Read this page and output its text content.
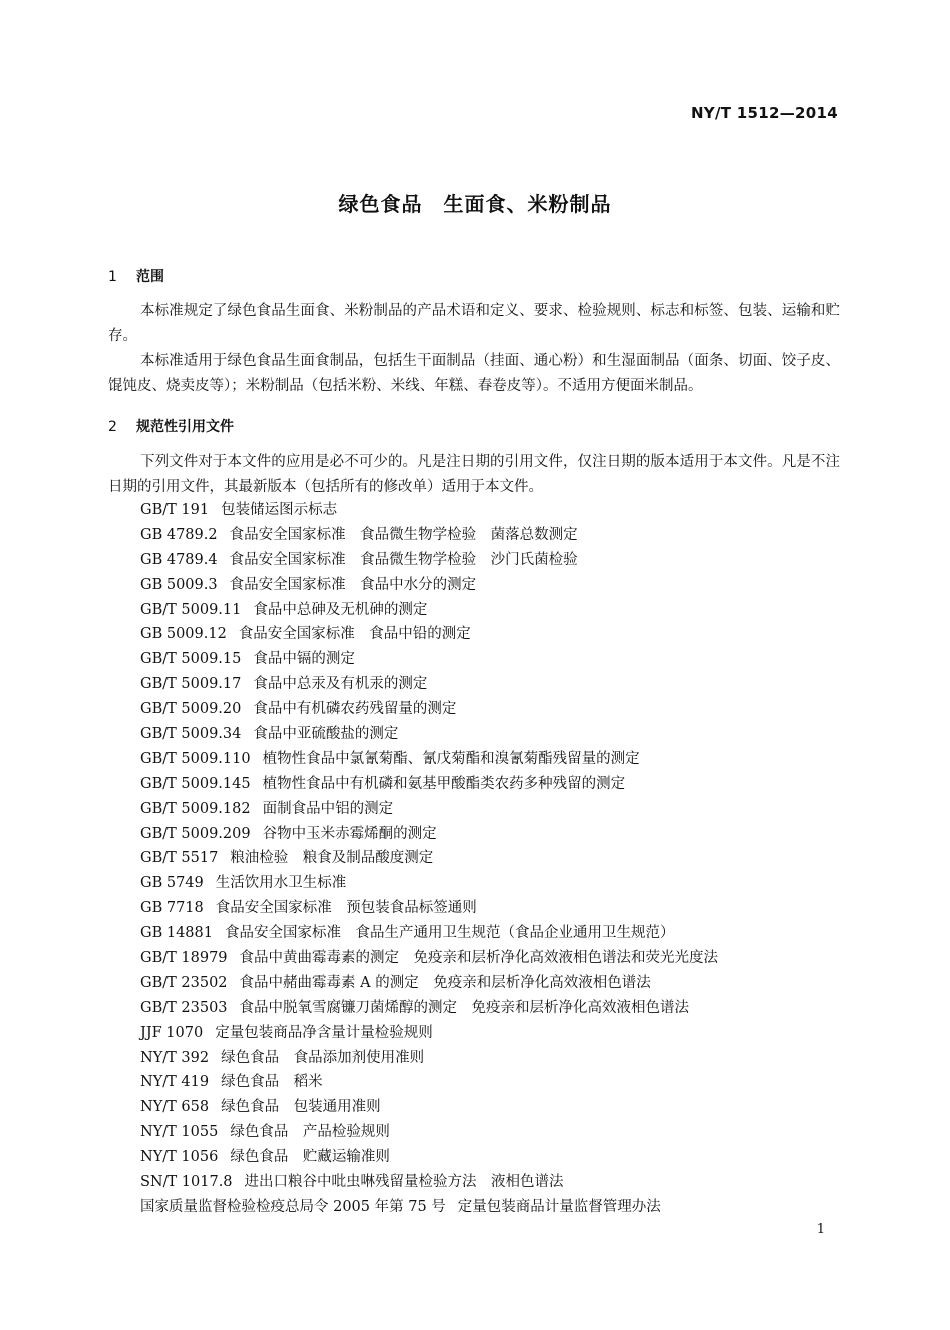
NY/T 1512—2014
绿色食品　生面食、米粉制品
1 范围

本标准规定了绿色食品生面食、米粉制品的产品术语和定义、要求、检验规则、标志和标签、包装、运输和贮存。

本标准适用于绿色食品生面食制品，包括生干面制品（挂面、通心粉）和生湿面制品（面条、切面、饺子皮、馄饨皮、烧卖皮等）；米粉制品（包括米粉、米线、年糕、春卷皮等）。不适用方便面米制品。

2 规范性引用文件

下列文件对于本文件的应用是必不可少的。凡是注日期的引用文件，仅注日期的版本适用于本文件。凡是不注日期的引用文件，其最新版本（包括所有的修改单）适用于本文件。

GB/T 191 包装储运图示标志
GB 4789.2 食品安全国家标准　食品微生物学检验　菌落总数测定
GB 4789.4 食品安全国家标准　食品微生物学检验　沙门氏菌检验
GB 5009.3 食品安全国家标准　食品中水分的测定
GB/T 5009.11 食品中总砷及无机砷的测定
GB 5009.12 食品安全国家标准　食品中铅的测定
GB/T 5009.15 食品中镉的测定
GB/T 5009.17 食品中总汞及有机汞的测定
GB/T 5009.20 食品中有机磷农药残留量的测定
GB/T 5009.34 食品中亚硫酸盐的测定
GB/T 5009.110 植物性食品中氯氰菊酯、氰戊菊酯和溴氰菊酯残留量的测定
GB/T 5009.145 植物性食品中有机磷和氨基甲酸酯类农药多种残留的测定
GB/T 5009.182 面制食品中铝的测定
GB/T 5009.209 谷物中玉米赤霉烯酮的测定
GB/T 5517 粮油检验　粮食及制品酸度测定
GB 5749 生活饮用水卫生标准
GB 7718 食品安全国家标准　预包装食品标签通则
GB 14881 食品安全国家标准　食品生产通用卫生规范（食品企业通用卫生规范）
GB/T 18979 食品中黄曲霉毒素的测定　免疫亲和层析净化高效液相色谱法和荧光光度法
GB/T 23502 食品中赭曲霉毒素 A 的测定　免疫亲和层析净化高效液相色谱法
GB/T 23503 食品中脱氧雪腐镰刀菌烯醇的测定　免疫亲和层析净化高效液相色谱法
JJF 1070 定量包装商品净含量计量检验规则
NY/T 392 绿色食品　食品添加剂使用准则
NY/T 419 绿色食品　稻米
NY/T 658 绿色食品　包装通用准则
NY/T 1055 绿色食品　产品检验规则
NY/T 1056 绿色食品　贮藏运输准则
SN/T 1017.8 进出口粮谷中吡虫啉残留量检验方法　液相色谱法
国家质量监督检验检疫总局令 2005 年第 75 号 定量包装商品计量监督管理办法
1
